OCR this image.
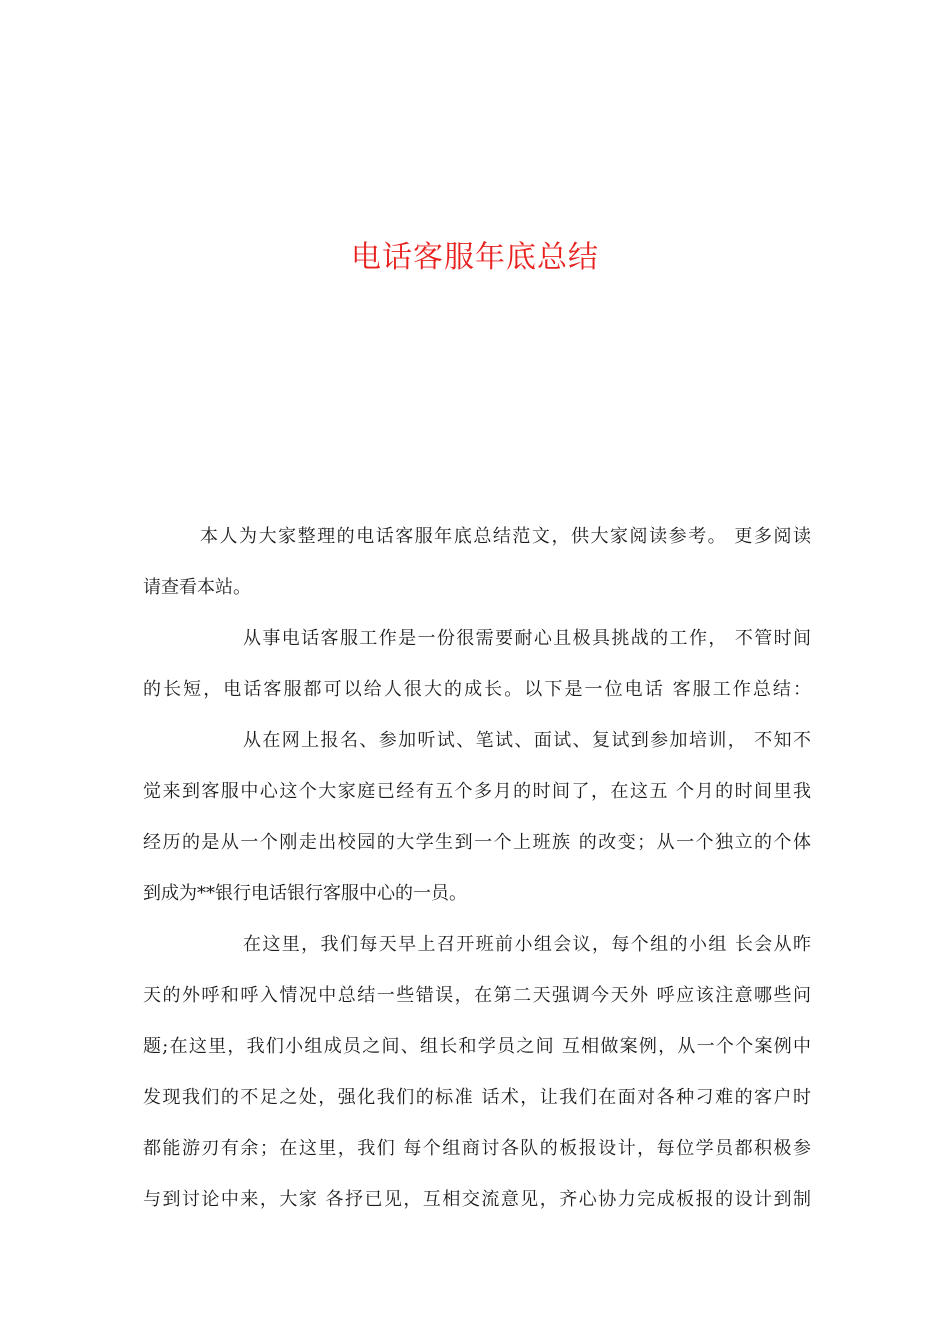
电话客服年底总结
本人为大家整理的电话客服年底总结范文，供大家阅读参考。 更多阅读
请查看本站。
从事电话客服工作是一份很需要耐心且极具挑战的工作， 不管时间
的长短，电话客服都可以给人很大的成长。以下是一位电话 客服工作总结：
从在网上报名、参加听试、笔试、面试、复试到参加培训， 不知不
觉来到客服中心这个大家庭已经有五个多月的时间了，在这五 个月的时间里我
经历的是从一个刚走出校园的大学生到一个上班族 的改变；从一个独立的个体
到成为**银行电话银行客服中心的一员。
在这里，我们每天早上召开班前小组会议，每个组的小组 长会从昨
天的外呼和呼入情况中总结一些错误，在第二天强调今天外 呼应该注意哪些问
题;在这里，我们小组成员之间、组长和学员之间 互相做案例，从一个个案例中
发现我们的不足之处，强化我们的标准 话术，让我们在面对各种刁难的客户时
都能游刃有余；在这里，我们 每个组商讨各队的板报设计，每位学员都积极参
与到讨论中来，大家 各抒已见，互相交流意见，齐心协力完成板报的设计到制
